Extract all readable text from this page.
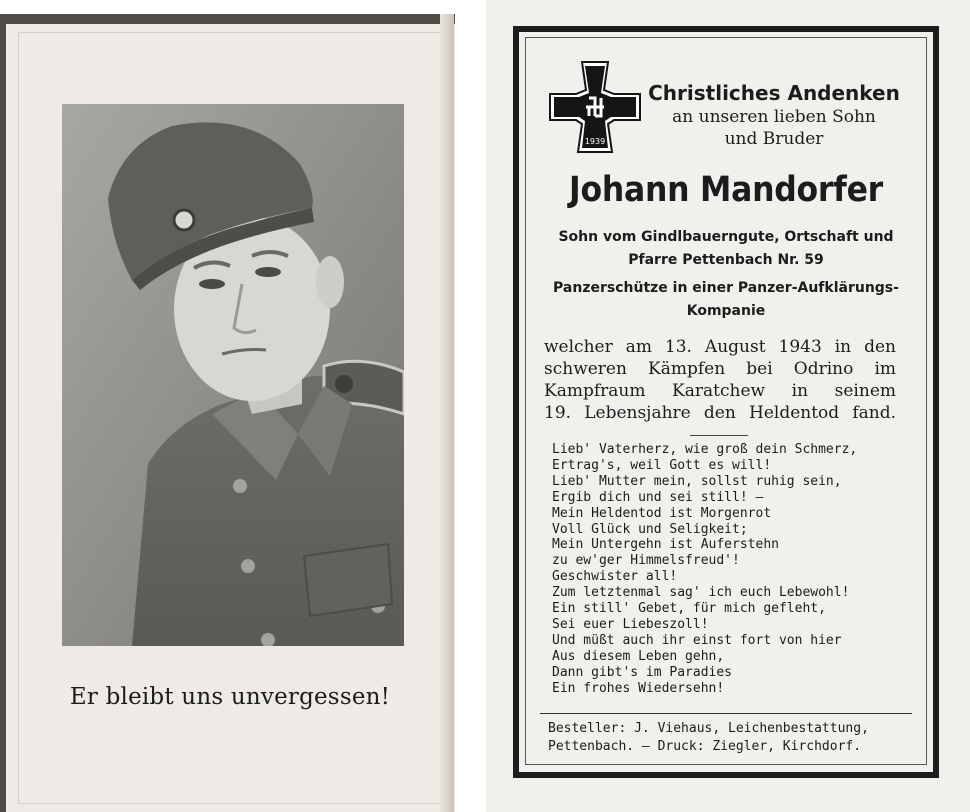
Er bleibt uns unvergessen!
1939
Christliches Andenken
an unseren lieben Sohn
und Bruder
Johann Mandorfer
Sohn vom Gindlbauerngute, Ortschaft und
Pfarre Pettenbach Nr. 59
Panzerschütze in einer Panzer-Aufklärungs-
Kompanie
welcher am 13. August 1943 in den
schweren Kämpfen bei Odrino im
Kampfraum Karatchew in seinem
19. Lebensjahre den Heldentod fand.
Lieb' Vaterherz, wie groß dein Schmerz,
Ertrag's, weil Gott es will!
Lieb' Mutter mein, sollst ruhig sein,
Ergib dich und sei still! —
Mein Heldentod ist Morgenrot
Voll Glück und Seligkeit;
Mein Untergehn ist Auferstehn
zu ew'ger Himmelsfreud'!
Geschwister all!
Zum letztenmal sag' ich euch Lebewohl!
Ein still' Gebet, für mich gefleht,
Sei euer Liebeszoll!
Und müßt auch ihr einst fort von hier
Aus diesem Leben gehn,
Dann gibt's im Paradies
Ein frohes Wiedersehn!
Besteller: J. Viehaus, Leichenbestattung,
Pettenbach. — Druck: Ziegler, Kirchdorf.
